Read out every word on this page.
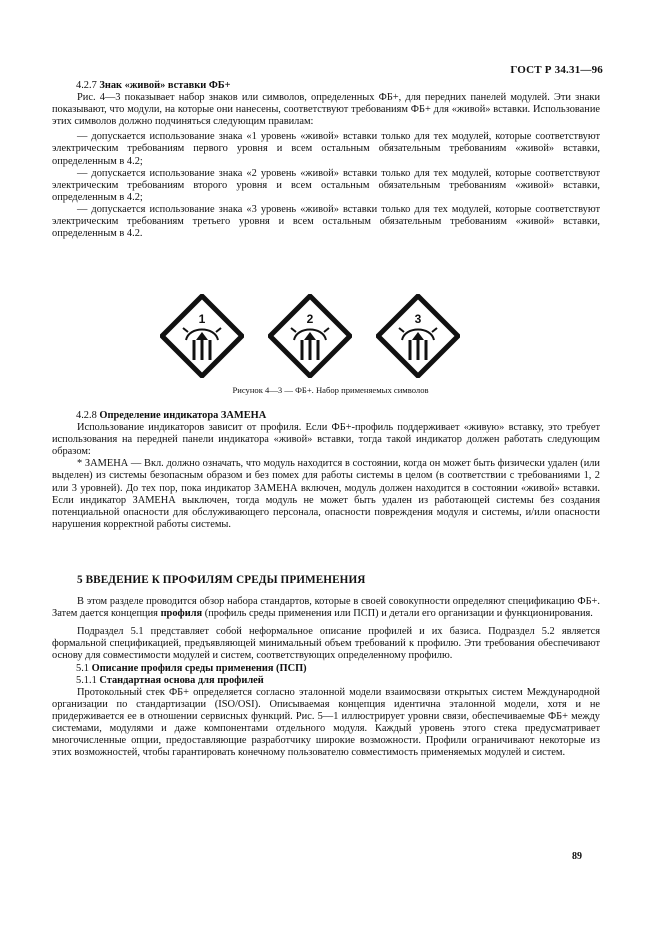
ГОСТ Р 34.31—96

4.2.7 Знак «живой» вставки ФБ+

Рис. 4—3 показывает набор знаков или символов, определенных ФБ+, для передних панелей модулей. Эти знаки показывают, что модули, на которые они нанесены, соответствуют требованиям ФБ+ для «живой» вставки. Использование этих символов должно подчиняться следующим правилам:

— допускается использование знака «1 уровень «живой» вставки только для тех модулей, которые соответствуют электрическим требованиям первого уровня и всем остальным обязательным требованиям «живой» вставки, определенным в 4.2;

— допускается использование знака «2 уровень «живой» вставки только для тех модулей, которые соответствуют электрическим требованиям второго уровня и всем остальным обязательным требованиям «живой» вставки, определенным в 4.2;

— допускается использование знака «3 уровень «живой» вставки только для тех модулей, которые соответствуют электрическим требованиям третьего уровня и всем остальным обязательным требованиям «живой» вставки, определенным в 4.2.

1	2	3
Рисунок 4—3 — ФБ+. Набор применяемых символов

4.2.8 Определение индикатора ЗАМЕНА

Использование индикаторов зависит от профиля. Если ФБ+-профиль поддерживает «живую» вставку, это требует использования на передней панели индикатора «живой» вставки, тогда такой индикатор должен работать следующим образом:

* ЗАМЕНА — Вкл. должно означать, что модуль находится в состоянии, когда он может быть физически удален (или выделен) из системы безопасным образом и без помех для работы системы в целом (в соответствии с требованиями 1, 2 или 3 уровней). До тех пор, пока индикатор ЗАМЕНА включен, модуль должен находится в состоянии «живой» вставки. Если индикатор ЗАМЕНА выключен, тогда модуль не может быть удален из работающей системы без создания потенциальной опасности для обслуживающего персонала, опасности повреждения модуля и системы, и/или опасности нарушения корректной работы системы.

5 ВВЕДЕНИЕ К ПРОФИЛЯМ СРЕДЫ ПРИМЕНЕНИЯ

В этом разделе проводится обзор набора стандартов, которые в своей совокупности определяют спецификацию ФБ+. Затем дается концепция профиля (профиль среды применения или ПСП) и детали его организации и функционирования.

Подраздел 5.1 представляет собой неформальное описание профилей и их базиса. Подраздел 5.2 является формальной спецификацией, предъявляющей минимальный объем требований к профилю. Эти требования обеспечивают основу для совместимости модулей и систем, соответствующих определенному профилю.

5.1 Описание профиля среды применения (ПСП)

5.1.1 Стандартная основа для профилей

Протокольный стек ФБ+ определяется согласно эталонной модели взаимосвязи открытых систем Международной организации по стандартизации (ISO/OSI). Описываемая концепция идентична эталонной модели, хотя и не придерживается ее в отношении сервисных функций. Рис. 5—1 иллюстрирует уровни связи, обеспечиваемые ФБ+ между системами, модулями и даже компонентами отдельного модуля. Каждый уровень этого стека предусматривает многочисленные опции, предоставляющие разработчику широкие возможности. Профили ограничивают некоторые из этих возможностей, чтобы гарантировать конечному пользователю совместимость применяемых модулей и систем.

89
